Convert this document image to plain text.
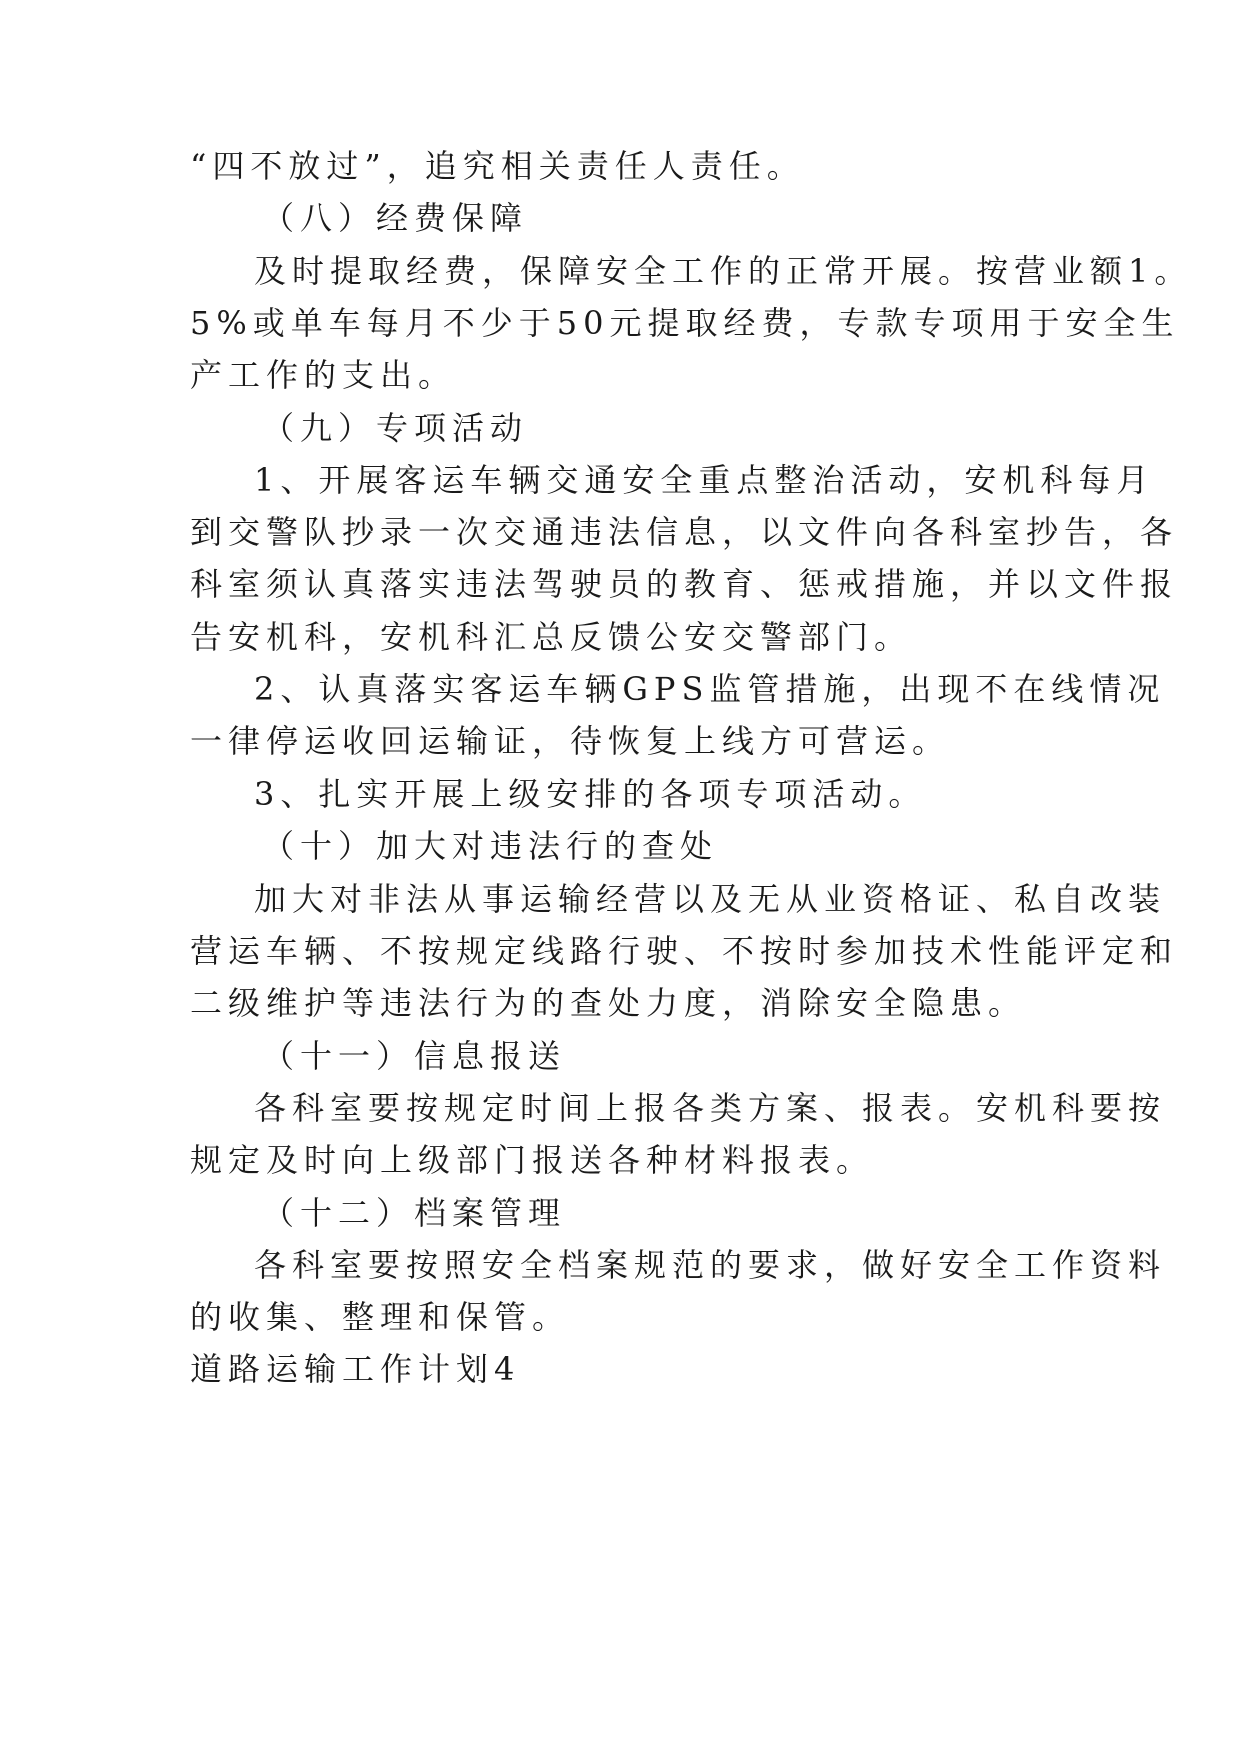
“四不放过”，追究相关责任人责任。
（八）经费保障
及时提取经费，保障安全工作的正常开展。按营业额1。
5%或单车每月不少于50元提取经费，专款专项用于安全生
产工作的支出。
（九）专项活动
1、开展客运车辆交通安全重点整治活动，安机科每月
到交警队抄录一次交通违法信息，以文件向各科室抄告，各
科室须认真落实违法驾驶员的教育、惩戒措施，并以文件报
告安机科，安机科汇总反馈公安交警部门。
2、认真落实客运车辆GPS监管措施，出现不在线情况
一律停运收回运输证，待恢复上线方可营运。
3、扎实开展上级安排的各项专项活动。
（十）加大对违法行的查处
加大对非法从事运输经营以及无从业资格证、私自改装
营运车辆、不按规定线路行驶、不按时参加技术性能评定和
二级维护等违法行为的查处力度，消除安全隐患。
（十一）信息报送
各科室要按规定时间上报各类方案、报表。安机科要按
规定及时向上级部门报送各种材料报表。
（十二）档案管理
各科室要按照安全档案规范的要求，做好安全工作资料
的收集、整理和保管。
道路运输工作计划4
